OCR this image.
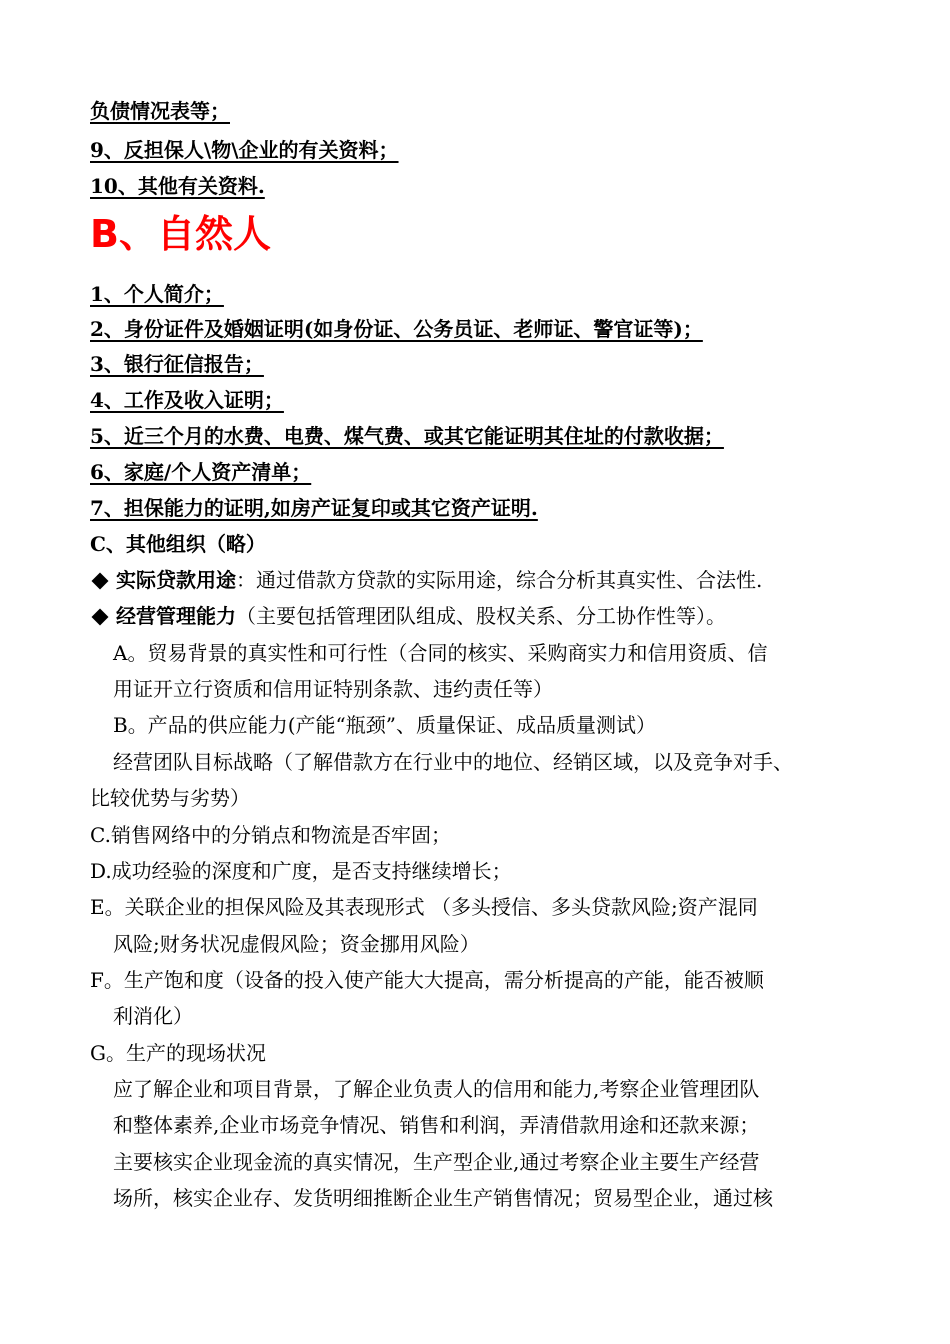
负债情况表等；
9、反担保人\物\企业的有关资料；
10、其他有关资料.
B、自然人
1、个人简介；
2、身份证件及婚姻证明(如身份证、公务员证、老师证、警官证等)；
3、银行征信报告；
4、工作及收入证明；
5、近三个月的水费、电费、煤气费、或其它能证明其住址的付款收据；
6、家庭/个人资产清单；
7、担保能力的证明,如房产证复印或其它资产证明.
C、其他组织（略）
实际贷款用途：通过借款方贷款的实际用途，综合分析其真实性、合法性.
经营管理能力（主要包括管理团队组成、股权关系、分工协作性等）。
A。贸易背景的真实性和可行性（合同的核实、采购商实力和信用资质、信
用证开立行资质和信用证特别条款、违约责任等）
B。产品的供应能力(产能“瓶颈”、质量保证、成品质量测试）
经营团队目标战略（了解借款方在行业中的地位、经销区域，以及竞争对手、
比较优势与劣势）
C.销售网络中的分销点和物流是否牢固；
D.成功经验的深度和广度，是否支持继续增长；
E。关联企业的担保风险及其表现形式 （多头授信、多头贷款风险;资产混同
风险;财务状况虚假风险；资金挪用风险）
F。生产饱和度（设备的投入使产能大大提高，需分析提高的产能，能否被顺
利消化）
G。生产的现场状况
应了解企业和项目背景，了解企业负责人的信用和能力,考察企业管理团队
和整体素养,企业市场竞争情况、销售和利润，弄清借款用途和还款来源；
主要核实企业现金流的真实情况，生产型企业,通过考察企业主要生产经营
场所，核实企业存、发货明细推断企业生产销售情况；贸易型企业，通过核
